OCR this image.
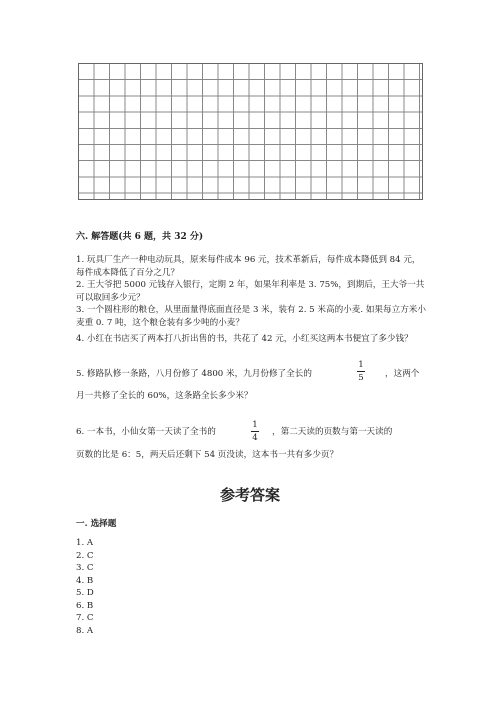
六. 解答题(共 6 题，共 32 分)

1. 玩具厂生产一种电动玩具，原来每件成本 96 元，技术革新后，每件成本降低到 84 元，每件成本降低了百分之几？

2. 王大爷把 5000 元钱存入银行，定期 2 年，如果年利率是 3. 75%，到期后，王大爷一共可以取回多少元？

3. 一个圆柱形的粮仓，从里面量得底面直径是 3 米，装有 2. 5 米高的小麦. 如果每立方米小麦重 0. 7 吨，这个粮仓装有多少吨的小麦？

4. 小红在书店买了两本打八折出售的书，共花了 42 元，小红买这两本书便宜了多少钱？

5. 修路队修一条路，八月份修了 4800 米，九月份修了全长的
1
5 ，这两个
月一共修了全长的 60%，这条路全长多少米？
6. 一本书，小仙女第一天读了全书的
1
4
，第二天读的页数与第一天读的
页数的比是 6：5，两天后还剩下 54 页没读，这本书一共有多少页？
参考答案
一. 选择题
1. A
2. C
3. C
4. B
5. D
6. B
7. C
8. A
